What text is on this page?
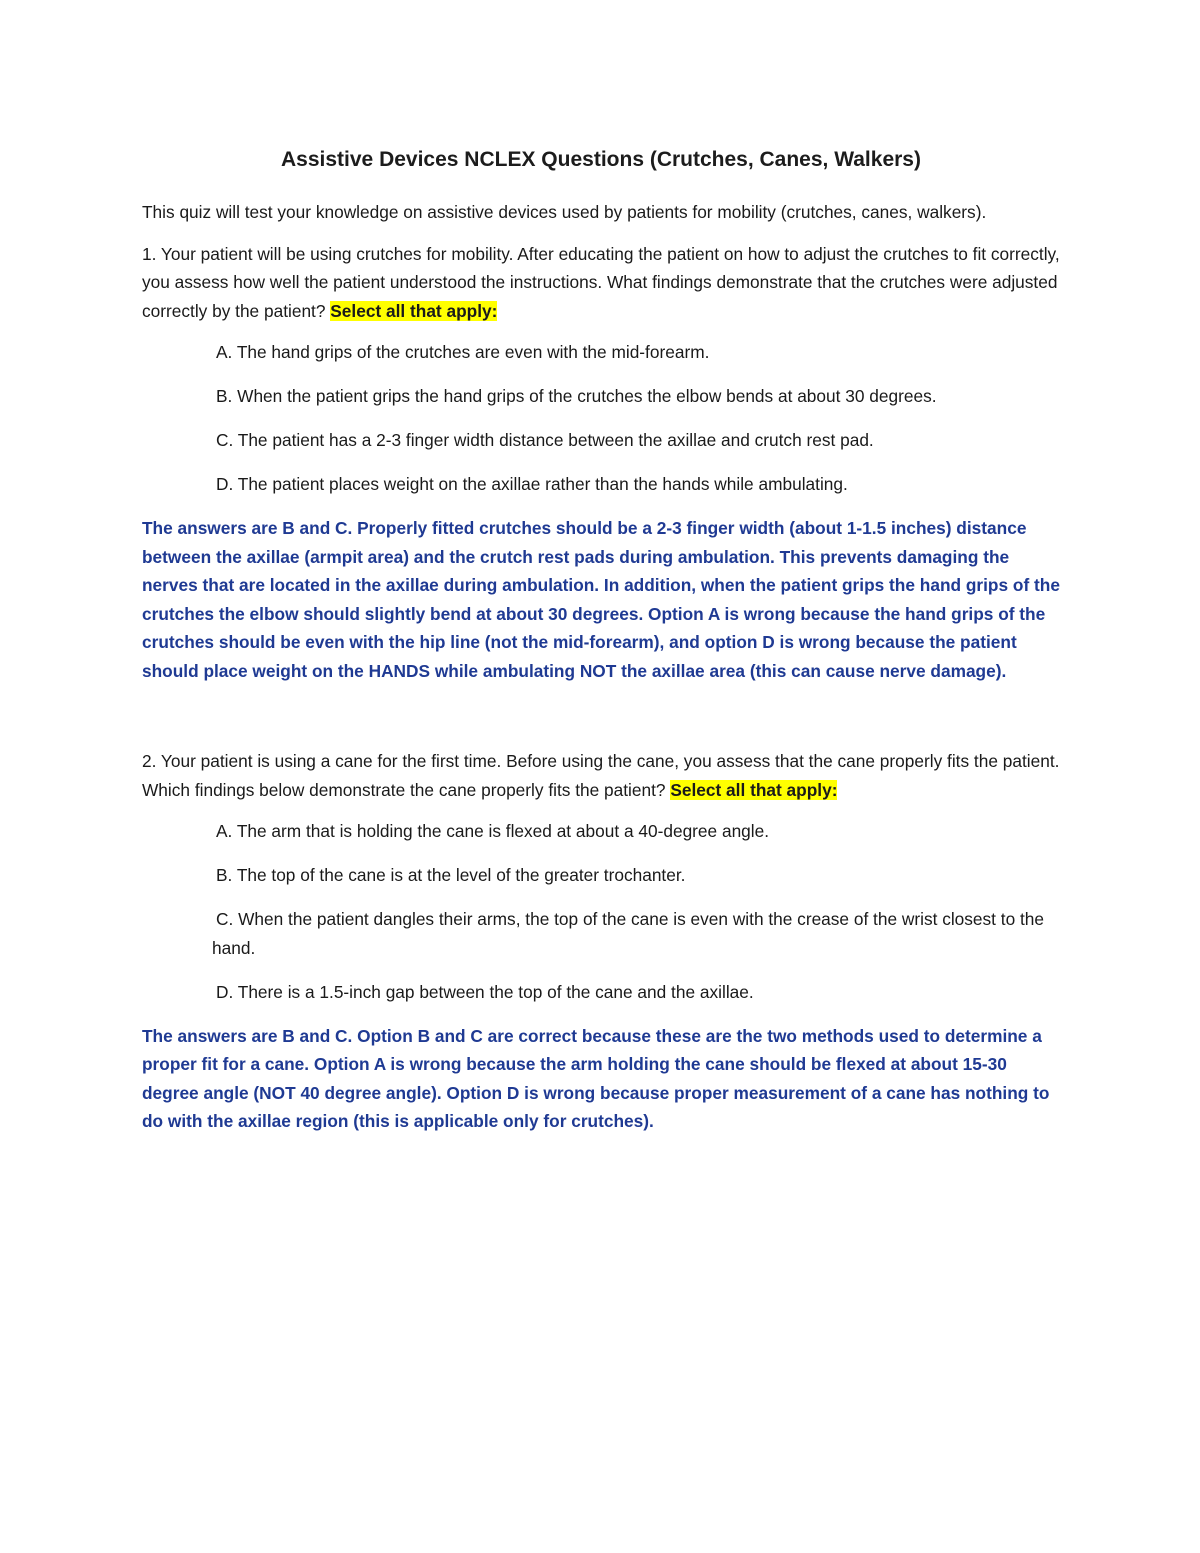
Assistive Devices NCLEX Questions (Crutches, Canes, Walkers)

This quiz will test your knowledge on assistive devices used by patients for mobility (crutches, canes, walkers).

1. Your patient will be using crutches for mobility. After educating the patient on how to adjust the crutches to fit correctly, you assess how well the patient understood the instructions. What findings demonstrate that the crutches were adjusted correctly by the patient? Select all that apply:

A. The hand grips of the crutches are even with the mid-forearm.
B. When the patient grips the hand grips of the crutches the elbow bends at about 30 degrees.
C. The patient has a 2-3 finger width distance between the axillae and crutch rest pad.
D. The patient places weight on the axillae rather than the hands while ambulating.

The answers are B and C. Properly fitted crutches should be a 2-3 finger width (about 1-1.5 inches) distance between the axillae (armpit area) and the crutch rest pads during ambulation. This prevents damaging the nerves that are located in the axillae during ambulation. In addition, when the patient grips the hand grips of the crutches the elbow should slightly bend at about 30 degrees. Option A is wrong because the hand grips of the crutches should be even with the hip line (not the mid-forearm), and option D is wrong because the patient should place weight on the HANDS while ambulating NOT the axillae area (this can cause nerve damage).

2. Your patient is using a cane for the first time. Before using the cane, you assess that the cane properly fits the patient. Which findings below demonstrate the cane properly fits the patient? Select all that apply:

A. The arm that is holding the cane is flexed at about a 40-degree angle.
B. The top of the cane is at the level of the greater trochanter.
C. When the patient dangles their arms, the top of the cane is even with the crease of the wrist closest to the hand.
D. There is a 1.5-inch gap between the top of the cane and the axillae.

The answers are B and C. Option B and C are correct because these are the two methods used to determine a proper fit for a cane. Option A is wrong because the arm holding the cane should be flexed at about 15-30 degree angle (NOT 40 degree angle). Option D is wrong because proper measurement of a cane has nothing to do with the axillae region (this is applicable only for crutches).
